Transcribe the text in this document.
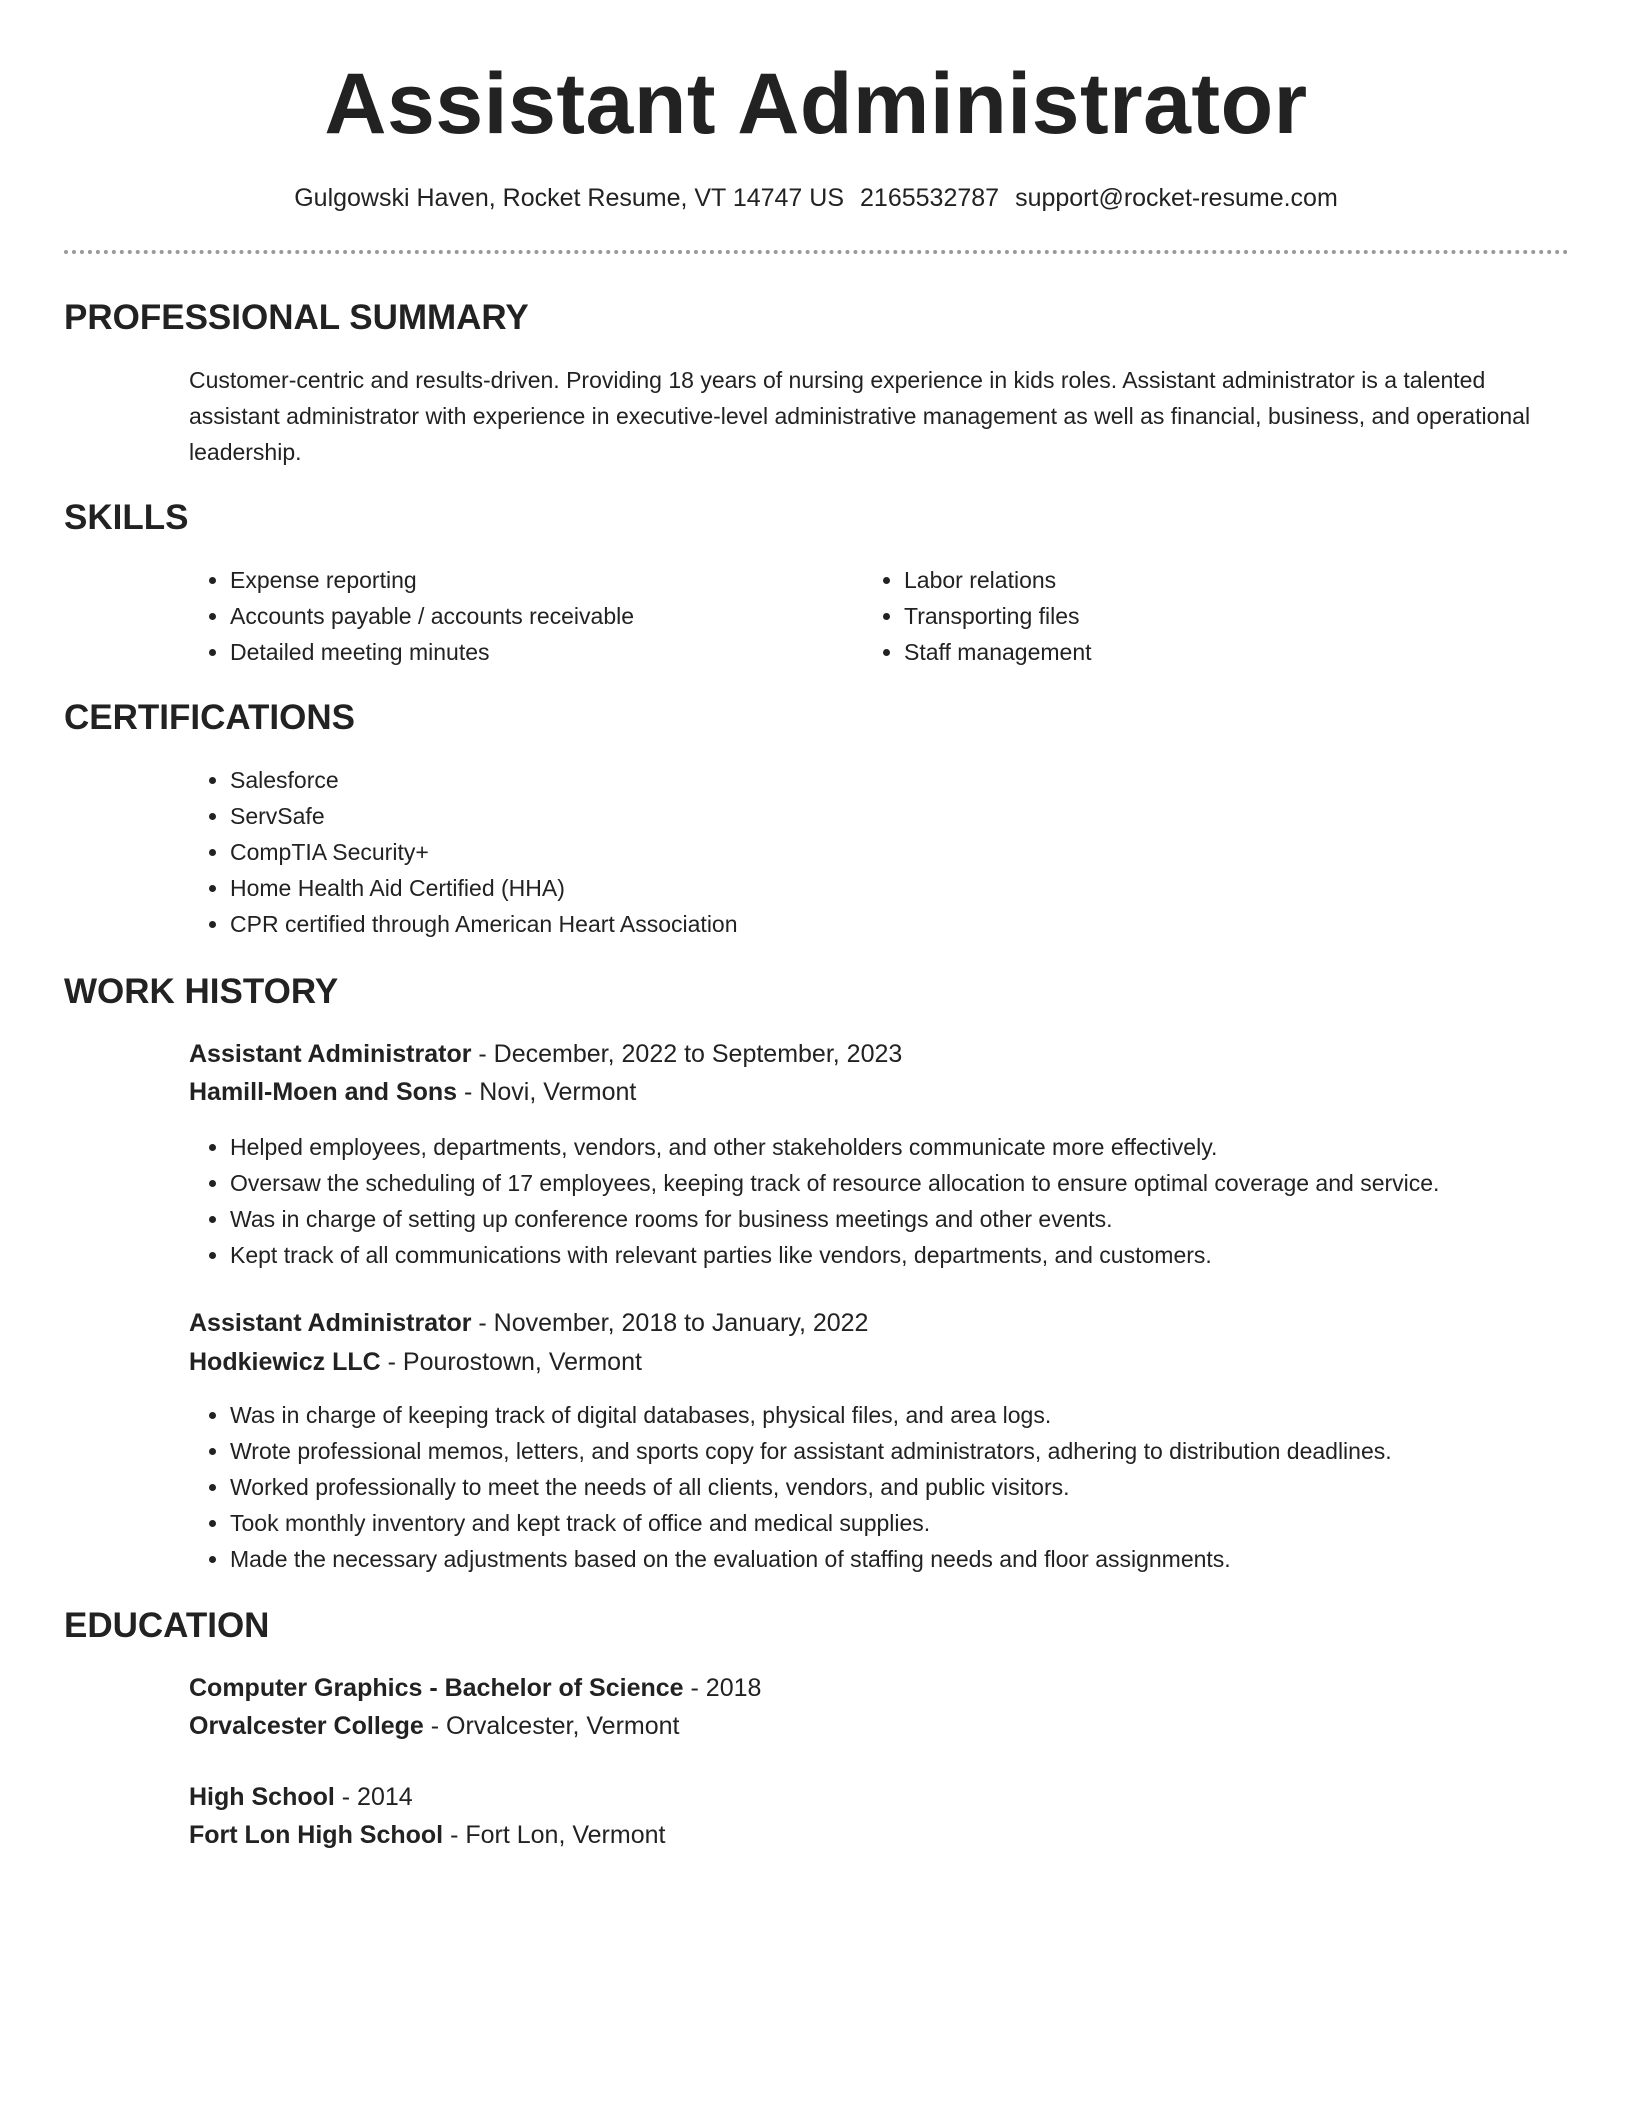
Assistant Administrator
Gulgowski Haven, Rocket Resume, VT 14747 US 2165532787 support@rocket-resume.com
PROFESSIONAL SUMMARY
Customer-centric and results-driven. Providing 18 years of nursing experience in kids roles. Assistant administrator is a talented assistant administrator with experience in executive-level administrative management as well as financial, business, and operational leadership.
SKILLS
• Expense reporting
• Accounts payable / accounts receivable
• Detailed meeting minutes
• Labor relations
• Transporting files
• Staff management
CERTIFICATIONS
• Salesforce
• ServSafe
• CompTIA Security+
• Home Health Aid Certified (HHA)
• CPR certified through American Heart Association
WORK HISTORY
Assistant Administrator - December, 2022 to September, 2023
Hamill-Moen and Sons - Novi, Vermont
• Helped employees, departments, vendors, and other stakeholders communicate more effectively.
• Oversaw the scheduling of 17 employees, keeping track of resource allocation to ensure optimal coverage and service.
• Was in charge of setting up conference rooms for business meetings and other events.
• Kept track of all communications with relevant parties like vendors, departments, and customers.
Assistant Administrator - November, 2018 to January, 2022
Hodkiewicz LLC - Pourostown, Vermont
• Was in charge of keeping track of digital databases, physical files, and area logs.
• Wrote professional memos, letters, and sports copy for assistant administrators, adhering to distribution deadlines.
• Worked professionally to meet the needs of all clients, vendors, and public visitors.
• Took monthly inventory and kept track of office and medical supplies.
• Made the necessary adjustments based on the evaluation of staffing needs and floor assignments.
EDUCATION
Computer Graphics - Bachelor of Science - 2018
Orvalcester College - Orvalcester, Vermont
High School - 2014
Fort Lon High School - Fort Lon, Vermont
